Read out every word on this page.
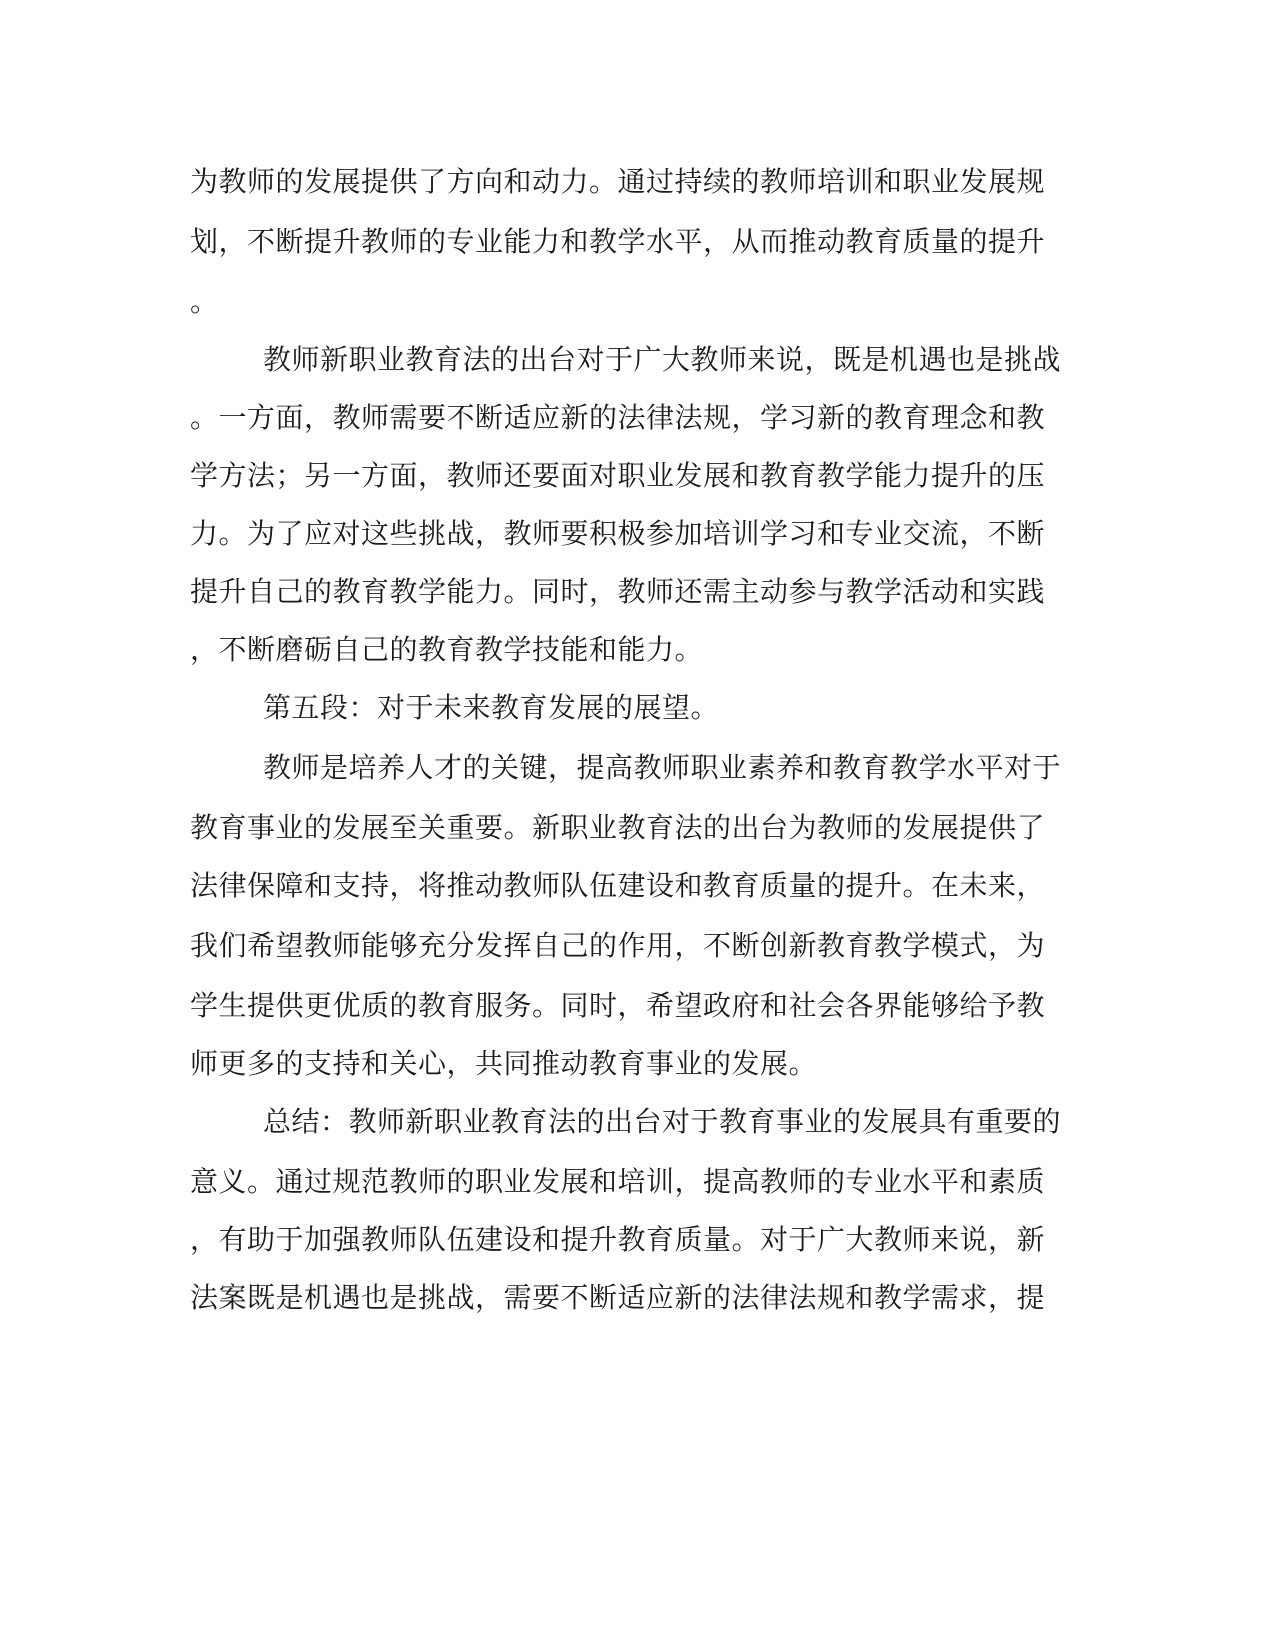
为教师的发展提供了方向和动力。通过持续的教师培训和职业发展规
划，不断提升教师的专业能力和教学水平，从而推动教育质量的提升
。
教师新职业教育法的出台对于广大教师来说，既是机遇也是挑战
。一方面，教师需要不断适应新的法律法规，学习新的教育理念和教
学方法；另一方面，教师还要面对职业发展和教育教学能力提升的压
力。为了应对这些挑战，教师要积极参加培训学习和专业交流，不断
提升自己的教育教学能力。同时，教师还需主动参与教学活动和实践
，不断磨砺自己的教育教学技能和能力。
第五段：对于未来教育发展的展望。
教师是培养人才的关键，提高教师职业素养和教育教学水平对于
教育事业的发展至关重要。新职业教育法的出台为教师的发展提供了
法律保障和支持，将推动教师队伍建设和教育质量的提升。在未来，
我们希望教师能够充分发挥自己的作用，不断创新教育教学模式，为
学生提供更优质的教育服务。同时，希望政府和社会各界能够给予教
师更多的支持和关心，共同推动教育事业的发展。
总结：教师新职业教育法的出台对于教育事业的发展具有重要的
意义。通过规范教师的职业发展和培训，提高教师的专业水平和素质
，有助于加强教师队伍建设和提升教育质量。对于广大教师来说，新
法案既是机遇也是挑战，需要不断适应新的法律法规和教学需求，提
